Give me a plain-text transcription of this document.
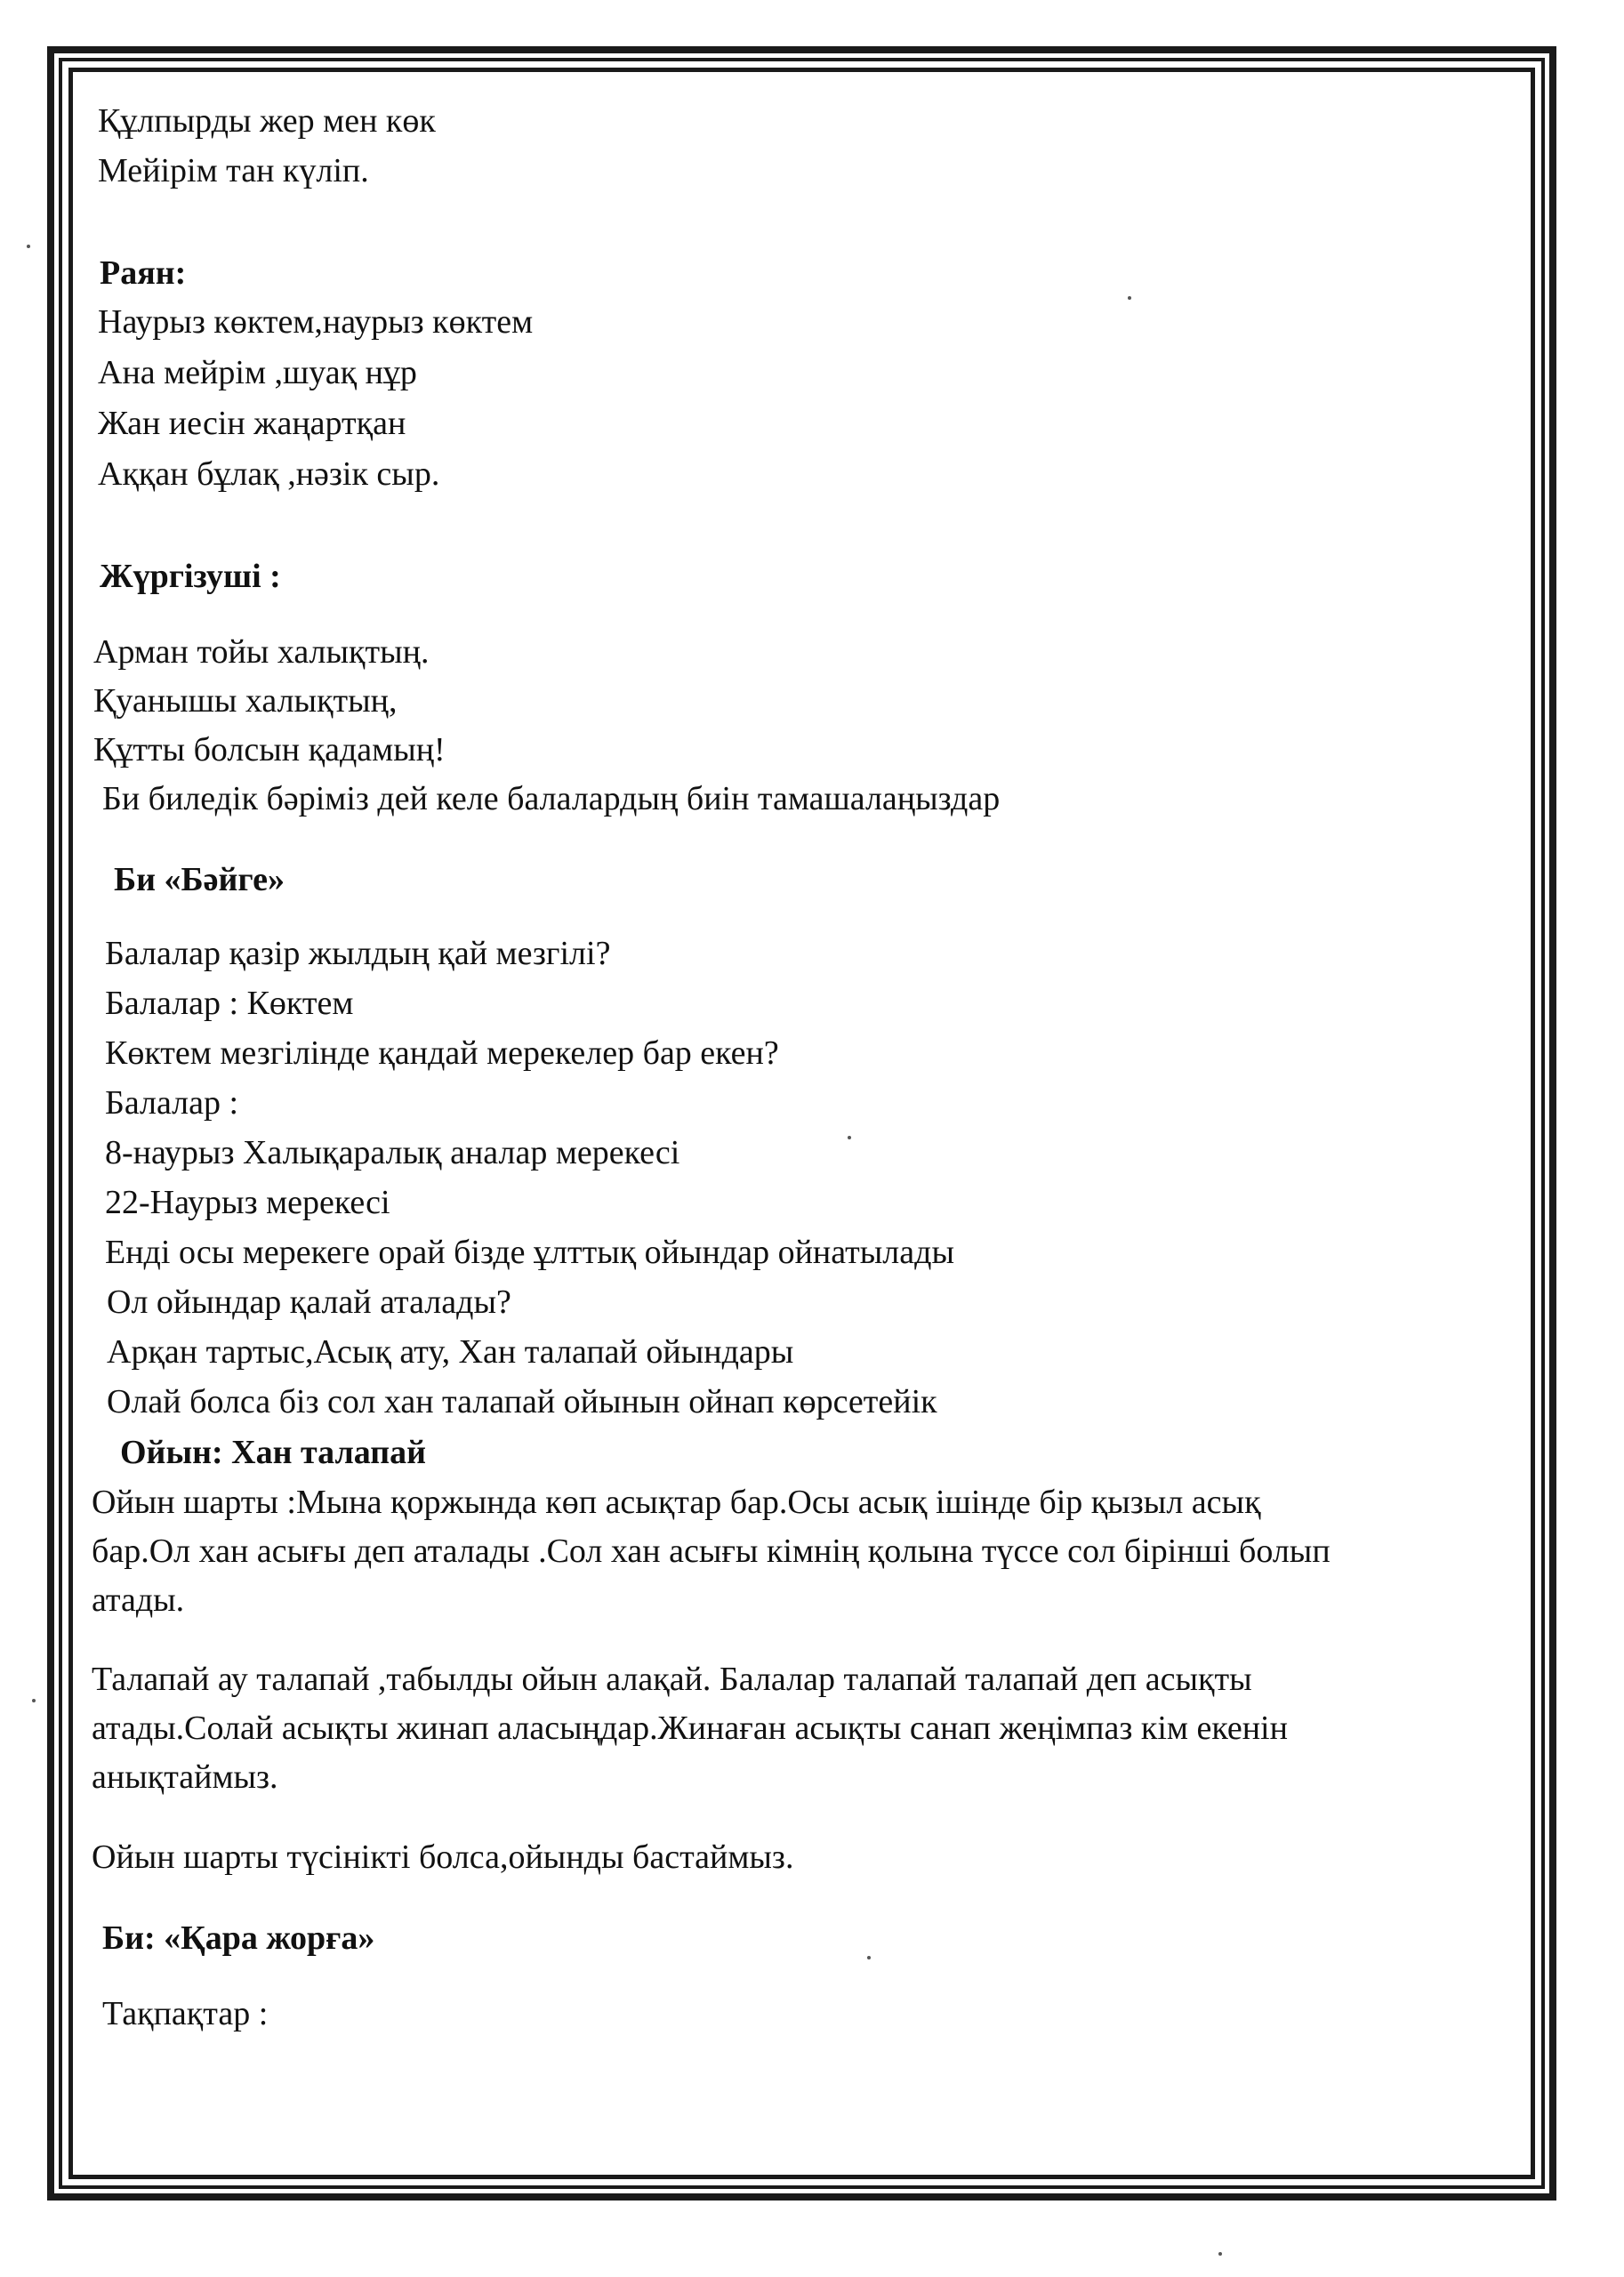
Құлпырды жер мен көк
Мейірім тан күліп.
Раян:
Наурыз көктем,наурыз көктем
Ана мейрім ,шуақ нұр
Жан иесін жаңартқан
Аққан бұлақ ,нәзік сыр.
Жүргізуші :
Арман тойы халықтың.
Қуанышы халықтың,
Құтты болсын қадамың!
Би биледік бәріміз дей келе балалардың биін тамашалаңыздар
Би «Бәйге»
Балалар қазір жылдың қай мезгілі?
Балалар : Көктем
Көктем мезгілінде қандай мерекелер бар екен?
Балалар :
8-наурыз Халықаралық аналар мерекесі
22-Наурыз мерекесі
Енді осы мерекеге орай бізде ұлттық ойындар ойнатылады
Ол ойындар қалай аталады?
Арқан тартыс,Асық ату, Хан талапай ойындары
Олай болса біз сол хан талапай ойынын ойнап көрсетейік
Ойын: Хан талапай
Ойын шарты :Мына қоржында көп асықтар бар.Осы асық ішінде бір қызыл асық
бар.Ол хан асығы деп аталады .Сол хан асығы кімнің қолына түссе сол бірінші болып
атады.
Талапай ау талапай ,табылды ойын алақай. Балалар талапай талапай деп асықты
атады.Солай асықты жинап аласыңдар.Жинаған асықты санап жеңімпаз кім екенін
анықтаймыз.
Ойын шарты түсінікті болса,ойынды бастаймыз.
Би: «Қара жорға»
Тақпақтар :
